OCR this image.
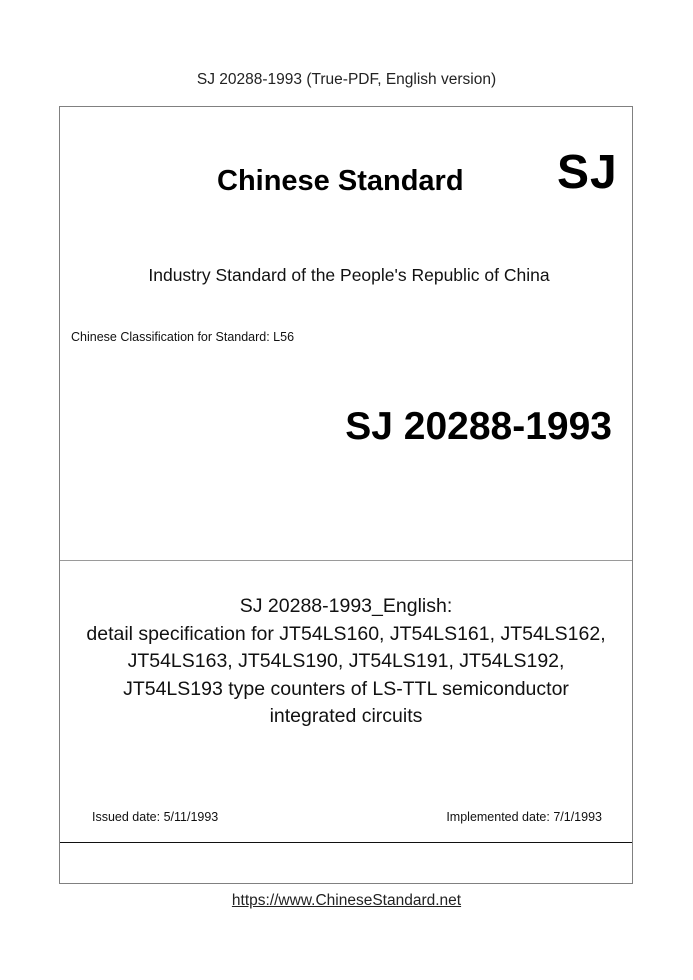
SJ 20288-1993 (True-PDF, English version)
Chinese Standard SJ
Industry Standard of the People's Republic of China
Chinese Classification for Standard: L56
SJ 20288-1993
SJ 20288-1993_English:
detail specification for JT54LS160, JT54LS161, JT54LS162,
JT54LS163, JT54LS190, JT54LS191, JT54LS192,
JT54LS193 type counters of LS-TTL semiconductor
integrated circuits
Issued date: 5/11/1993	Implemented date: 7/1/1993
https://www.ChineseStandard.net
